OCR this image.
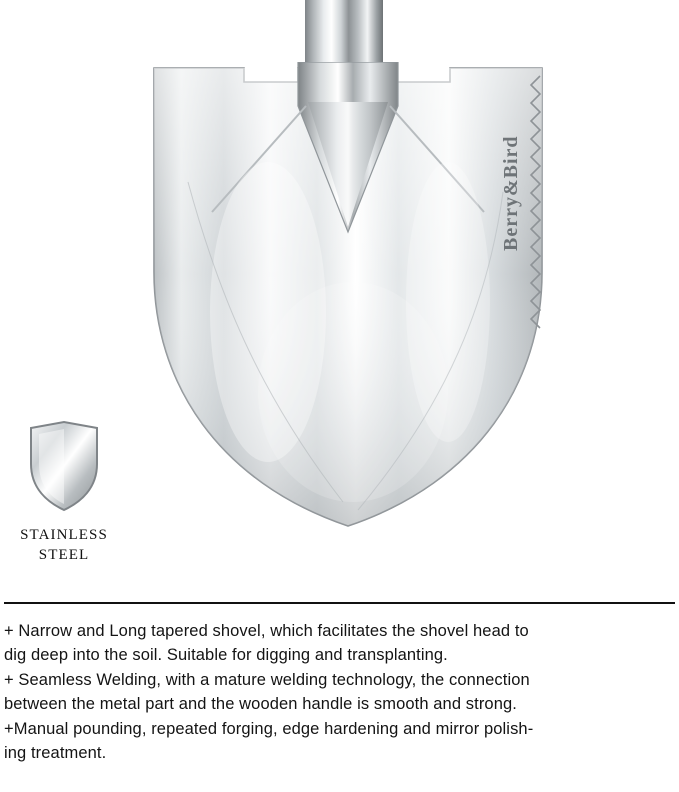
Berry&Bird
STAINLESS
STEEL

+ Narrow and Long tapered shovel, which facilitates the shovel head to

dig deep into the soil. Suitable for digging and transplanting.

+ Seamless Welding, with a mature welding technology, the connection

between the metal part and the wooden handle is smooth and strong.

+Manual pounding, repeated forging, edge hardening and mirror polish-

ing treatment.
